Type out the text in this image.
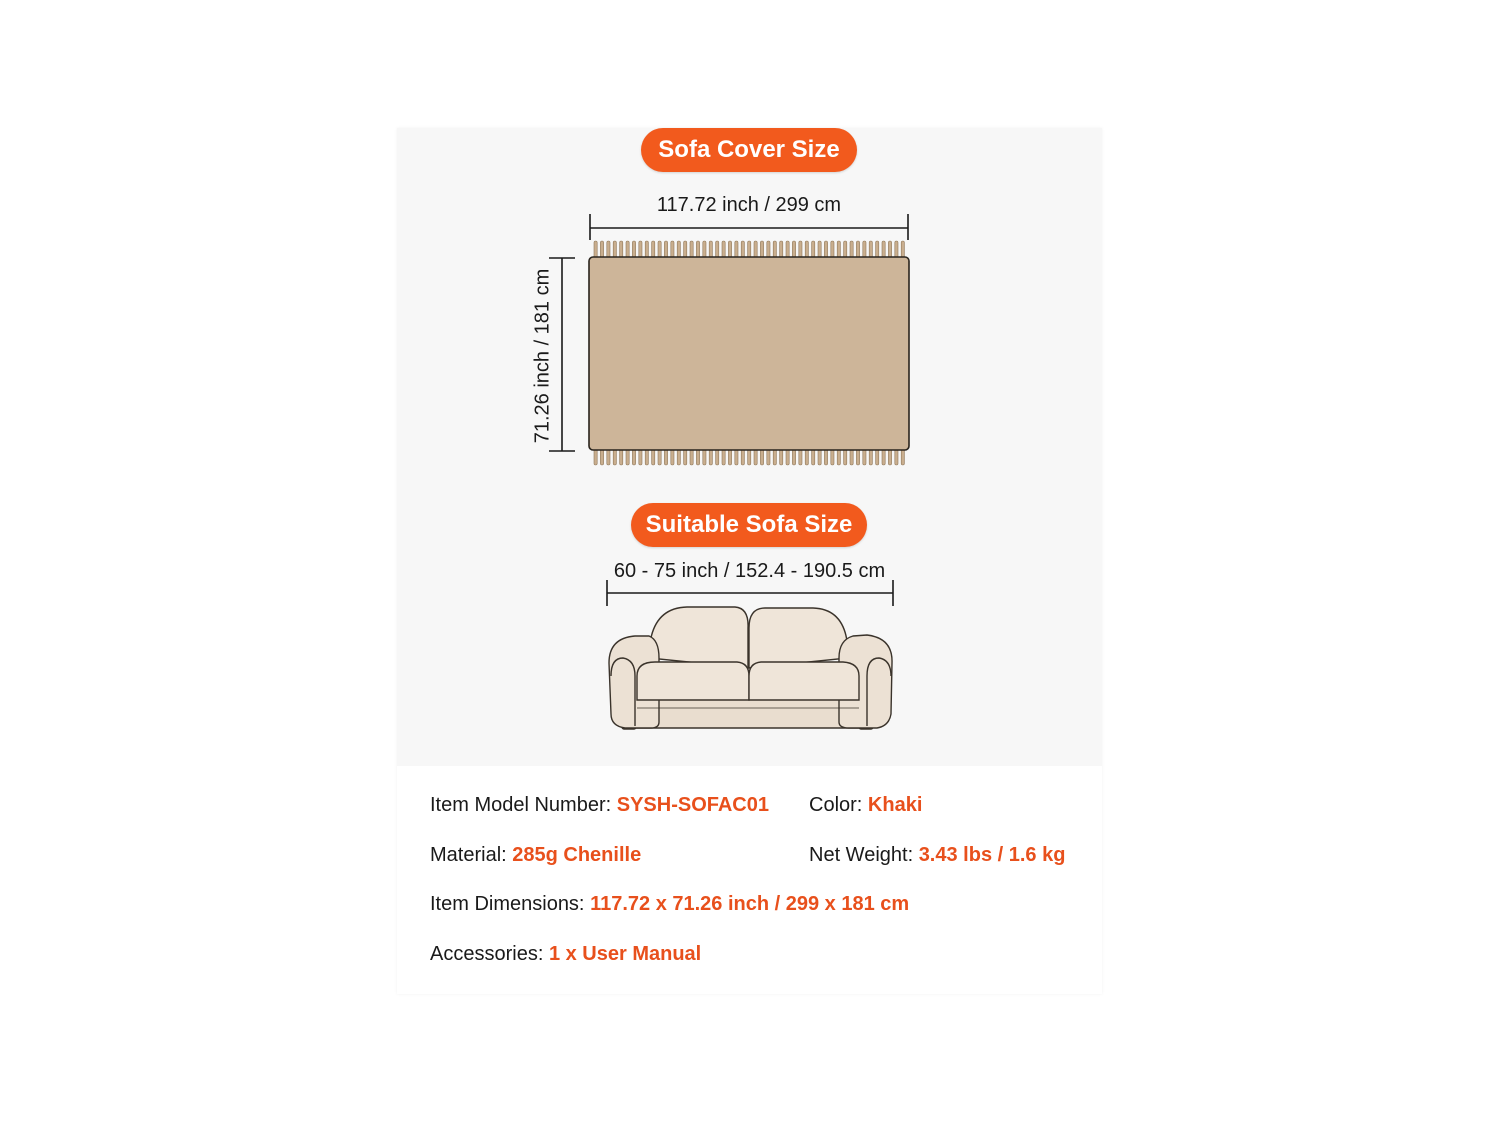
Sofa Cover Size
117.72 inch / 299 cm
71.26 inch / 181 cm
60 - 75 inch / 152.4 - 190.5 cm
Suitable Sofa Size
Item Model Number: SYSH-SOFAC01 Color: Khaki
Material: 285g Chenille	Net Weight: 3.43 lbs / 1.6 kg
Item Dimensions: 117.72 x 71.26 inch / 299 x 181 cm
Accessories: 1 x User Manual
